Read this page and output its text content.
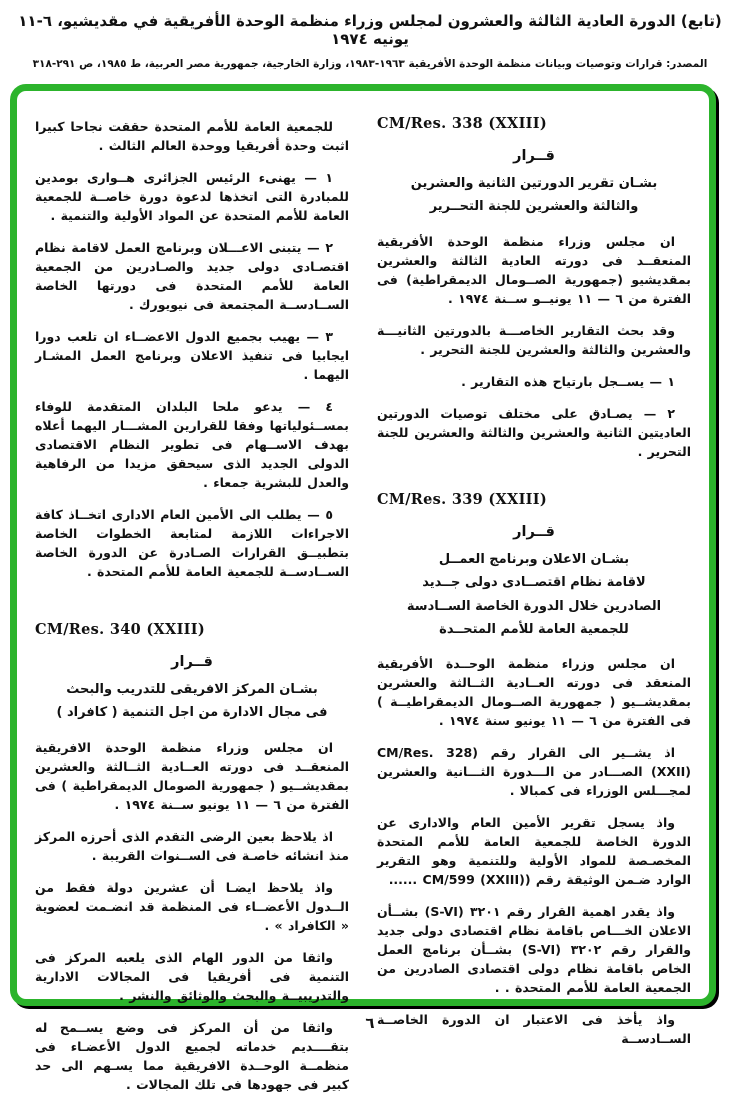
(تابع) الدورة العادية الثالثة والعشرون لمجلس وزراء منظمة الوحدة الأفريقية في مقديشيو، ٦-١١ يونيه ١٩٧٤
المصدر: قرارات وتوصيات وبيانات منظمة الوحدة الأفريقية ١٩٦٣-١٩٨٣، وزارة الخارجية، جمهورية مصر العربية، ط ١٩٨٥، ص ٢٩١-٣١٨
CM/Res. 338 (XXIII)
قــرار
بشـان تقرير الدورتين الثانية والعشرين
والثالثة والعشرين للجنة التحــرير

ان مجلس وزراء منظمة الوحدة الأفريقية المنعقــد فى دورته العادية الثالثة والعشرين بمقديشيو (جمهورية الصــومال الديمقراطية) فى الفترة من ٦ — ١١ يونيــو ســنة ١٩٧٤ .

وقد بحث التقارير الخاصـــة بالدورتين الثانيـــة والعشرين والثالثة والعشرين للجنة التحرير .

١ — يســجل بارتياح هذه التقارير .

٢ — يصـادق على مختلف توصيات الدورتين العاديتين الثانية والعشرين والثالثة والعشرين للجنة التحرير .

CM/Res. 339 (XXIII)
قــرار
بشـان الاعلان وبرنامج العمــل
لاقامة نظام اقتصــادى دولى جــديد
الصادرين خلال الدورة الخاصة الســادسة
للجمعية العامة للأمم المتحــدة

ان مجلس وزراء منظمة الوحــدة الأفريقية المنعقد فى دورته العــادية الثــالثة والعشرين بمقديشــيو ( جمهورية الصــومال الديمقراطيــة ) فى الفترة من ٦ — ١١ يونيو سنة ١٩٧٤ .

اذ يشــير الى القرار رقم (CM/Res. 328 (XXII) الصـــادر من الـــدورة الثـــانية والعشرين لمجـــلس الوزراء فى كمبالا .

واذ يسجل تقرير الأمين العام والادارى عن الدورة الخاصة للجمعية العامة للأمم المتحدة المخصـصة للمواد الأولية وللتنمية وهو التقرير الوارد ضـمن الوثيقة رقم (CM/599 (XXIII) ......

واذ يقدر اهمية القرار رقم ٣٢٠١ (S-VI) بشــأن الاعلان الخـــاص باقامة نظام اقتصادى دولى جديد والقرار رقم ٣٢٠٢ (S-VI) بشــأن برنامج العمل الخاص باقامة نظام دولى اقتصادى الصادرين من الجمعية العامة للأمم المتحدة . .

واذ يأخذ فى الاعتبار ان الدورة الخاصــة الســادســة

للجمعية العامة للأمم المتحدة حققت نجاحا كبيرا اثبت وحدة أفريقيا ووحدة العالم الثالث .

١ — يهنىء الرئيس الجزائرى هــوارى بومدين للمبادرة التى اتخذها لدعوة دورة خاصــة للجمعية العامة للأمم المتحدة عن المواد الأولية والتنمية .

٢ — يتبنى الاعـــلان وبرنامج العمل لاقامة نظام اقتصـادى دولى جديد والصـادرين من الجمعية العامة للأمم المتحدة فى دورتها الخاصة الســادســة المجتمعة فى نيويورك .

٣ — يهيب بجميع الدول الاعضــاء ان تلعب دورا ايجابيا فى تنفيذ الاعلان وبرنامج العمل المشـار اليهما .

٤ — يدعو ملحا البلدان المتقدمة للوفاء بمســئولياتها وفقا للقرارين المشـــار اليهما أعلاه بهدف الاســهام فى تطوير النظام الاقتصادى الدولى الجديد الذى سيحقق مزيدا من الرفاهية والعدل للبشرية جمعاء .

٥ — يطلب الى الأمين العام الادارى اتخــاذ كافة الاجراءات اللازمة لمتابعة الخطوات الخاصة بتطبيــق القرارات الصـادرة عن الدورة الخاصة الســادســة للجمعية العامة للأمم المتحدة .

CM/Res. 340 (XXIII)
قــرار
بشـان المركز الافريقى للتدريب والبحث
فى مجال الادارة من اجل التنمية ( كافراد )

ان مجلس وزراء منظمة الوحدة الافريقية المنعقــد فى دورته العــادية الثــالثة والعشرين بمقديشــيو ( جمهورية الصومال الديمقراطية ) فى الفترة من ٦ — ١١ يونيو ســنة ١٩٧٤ .

اذ يلاحظ بعين الرضى التقدم الذى أحرزه المركز منذ انشائه خاصـة فى الســنوات القريبة .

واذ يلاحظ ايضـا أن عشرين دولة فقط من الــدول الأعضــاء فى المنظمة قد انضـمت لعضوية « الكافراد » .

واثقا من الدور الهام الذى يلعبه المركز فى التنمية فى أفريقيا فى المجالات الادارية والتدريبيــة والبحث والوثائق والنشر .

واثقا من أن المركز فى وضع يســمح له بتقــــديم خدماته لجميع الدول الأعضـاء فى منظمــة الوحــدة الافريقية مما يسـهم الى حد كبير فى جهودها فى تلك المجالات .

٦
